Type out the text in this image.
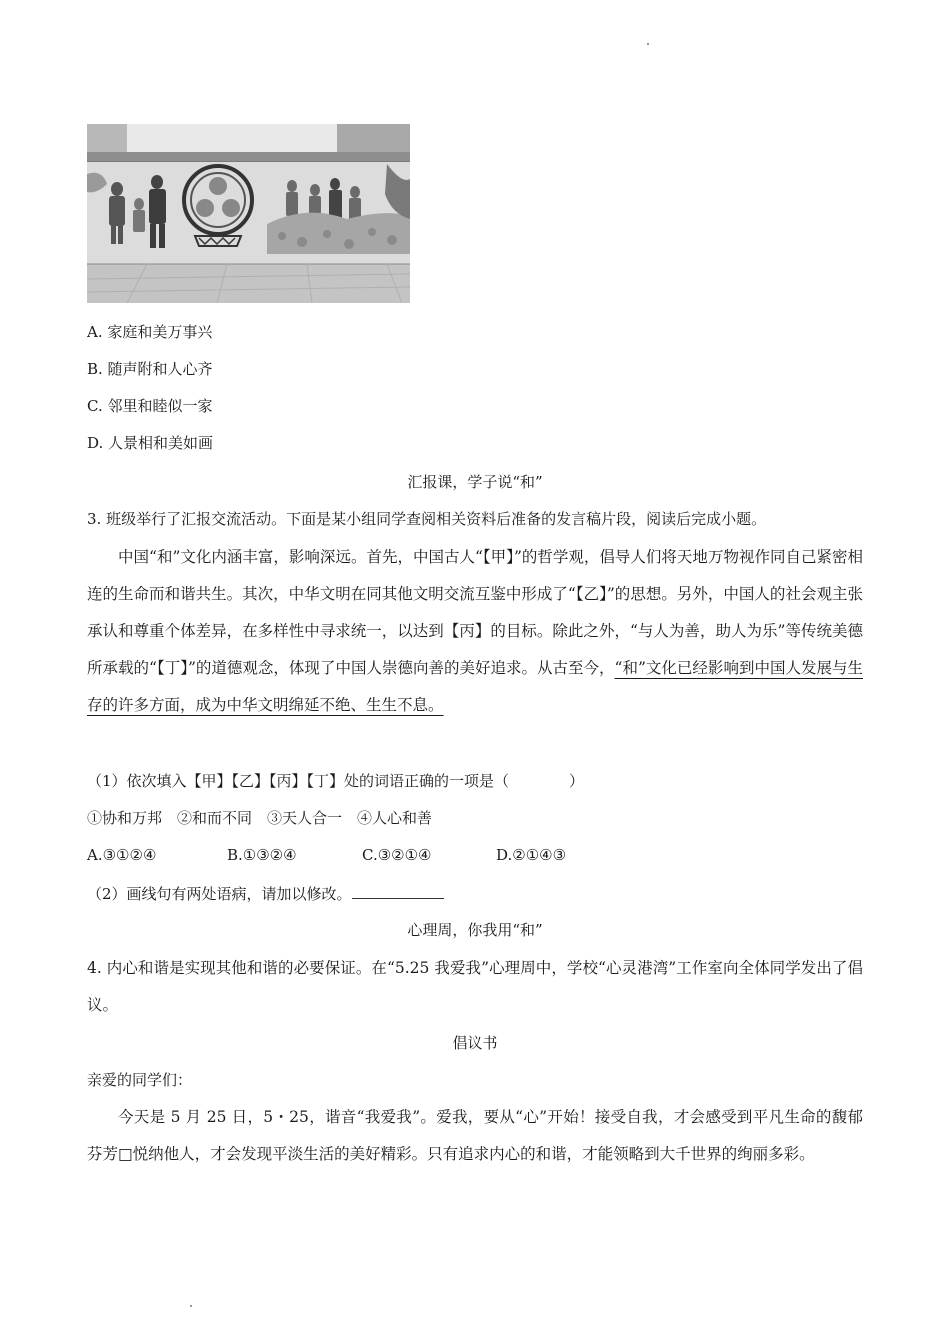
A. 家庭和美万事兴
B. 随声附和人心齐
C. 邻里和睦似一家
D. 人景相和美如画
汇报课，学子说“和”
3. 班级举行了汇报交流活动。下面是某小组同学查阅相关资料后准备的发言稿片段，阅读后完成小题。
中国“和”文化内涵丰富，影响深远。首先，中国古人“【甲】”的哲学观，倡导人们将天地万物视作同自己紧密相连的生命而和谐共生。其次，中华文明在同其他文明交流互鉴中形成了“【乙】”的思想。另外，中国人的社会观主张承认和尊重个体差异，在多样性中寻求统一，以达到【丙】的目标。除此之外，“与人为善，助人为乐”等传统美德所承载的“【丁】”的道德观念，体现了中国人崇德向善的美好追求。从古至今，“和”文化已经影响到中国人发展与生存的许多方面，成为中华文明绵延不绝、生生不息。
（1）依次填入【甲】【乙】【丙】【丁】处的词语正确的一项是（　　　　）
①协和万邦　②和而不同　③天人合一　④人心和善
A.③①②④	B.①③②④	C.③②①④	D.②①④③
（2）画线句有两处语病，请加以修改。
心理周，你我用“和”
4. 内心和谐是实现其他和谐的必要保证。在“5.25 我爱我”心理周中，学校“心灵港湾”工作室向全体同学发出了倡议。
倡议书
亲爱的同学们：
今天是 5 月 25 日，5・25，谐音“我爱我”。爱我，要从“心”开始！接受自我，才会感受到平凡生命的馥郁芬芳□悦纳他人，才会发现平淡生活的美好精彩。只有追求内心的和谐，才能领略到大千世界的绚丽多彩。
